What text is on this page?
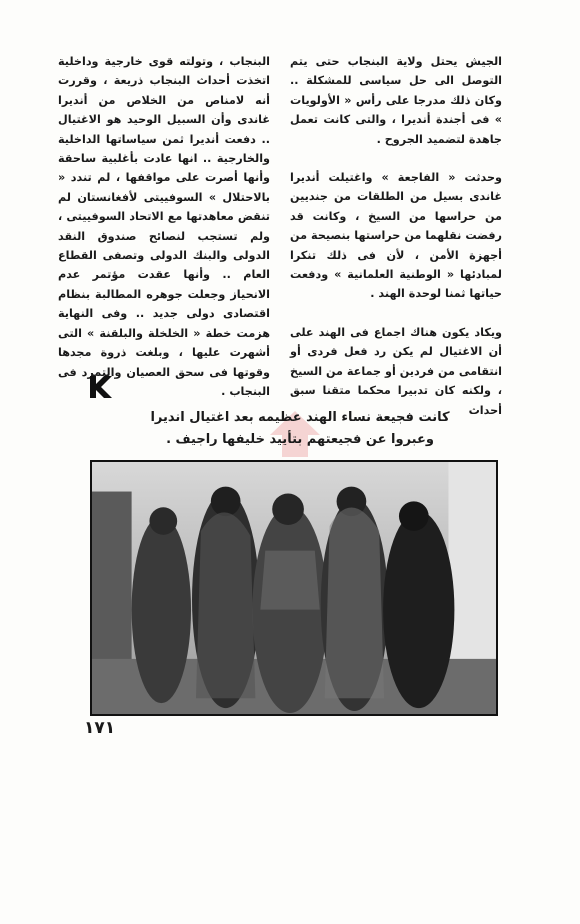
الجيش يحتل ولاية البنجاب حتى يتم التوصل الى حل سياسى للمشكلة .. وكان ذلك مدرجا على رأس « الأولويات » فى أجندة أنديرا ، والتى كانت تعمل جاهدة لتضميد الجروح .

وحدثت « الفاجعة » واغتيلت أنديرا غاندى بسيل من الطلقات من جنديين من حراسها من السيخ ، وكانت قد رفضت نقلهما من حراستها بنصيحة من أجهزة الأمن ، لأن فى ذلك تنكرا لمبادئها « الوطنية العلمانية » ودفعت حياتها ثمنا لوحدة الهند .

ويكاد يكون هناك اجماع فى الهند على أن الاغتيال لم يكن رد فعل فردى أو انتقامى من فردين أو جماعة من السيخ ، ولكنه كان تدبيرا محكما متقنا سبق أحداث

البنجاب ، وتولته قوى خارجية وداخلية اتخذت أحداث البنجاب ذريعة ، وقررت أنه لامناص من الخلاص من أنديرا غاندى وأن السبيل الوحيد هو الاغتيال .. دفعت أنديرا ثمن سياساتها الداخلية والخارجية .. انها عادت بأغلبية ساحقة وأنها أصرت على مواقفها ، لم تندد « بالاحتلال » السوفييتى لأفغانستان لم تنقض معاهدتها مع الاتحاد السوفييتى ، ولم تستجب لنصائح صندوق النقد الدولى والبنك الدولى وتصفى القطاع العام .. وأنها عقدت مؤتمر عدم الانحياز وجعلت جوهره المطالبة بنظام اقتصادى دولى جديد .. وفى النهاية هزمت خطة « الخلخلة والبلقنة » التى أشهرت عليها ، وبلغت ذروة مجدها وقوتها فى سحق العصيان والتمرد فى البنجاب .

كانت فجيعة نساء الهند عظيمه بعد اغتيال انديرا
وعبروا عن فجيعتهم بتأييد خليفها راجيف .
١٧١
